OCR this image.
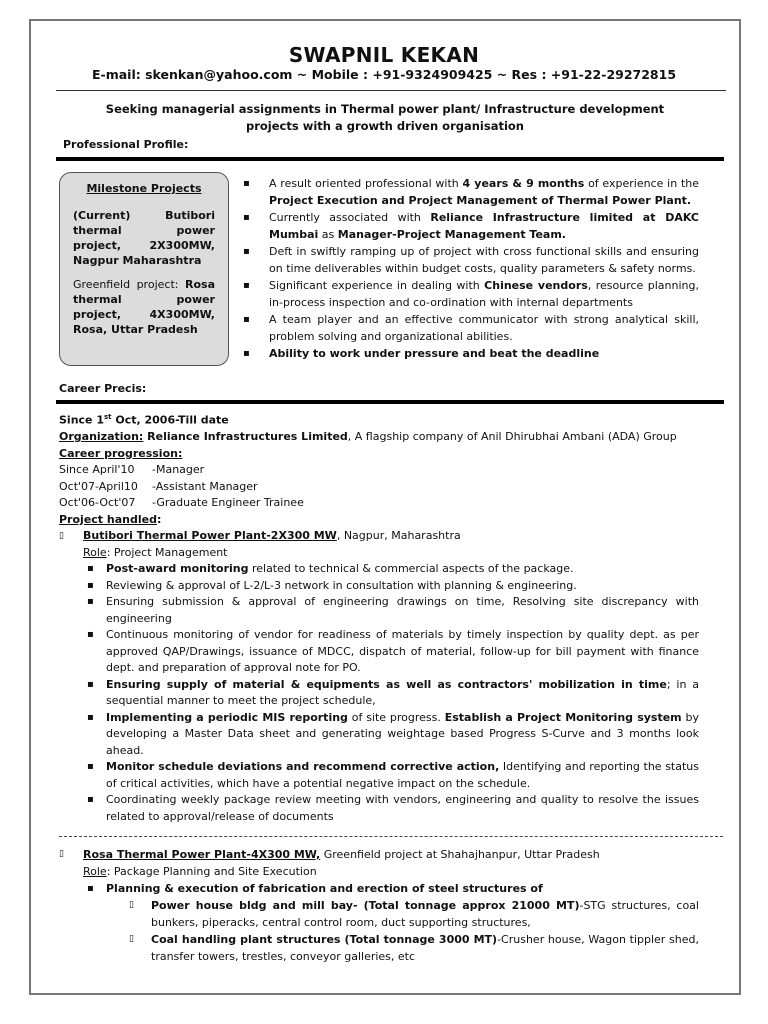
SWAPNIL KEKAN
E-mail: skenkan@yahoo.com ~ Mobile : +91-9324909425 ~ Res : +91-22-29272815
Seeking managerial assignments in Thermal power plant/ Infrastructure development projects with a growth driven organisation
Professional Profile:
Milestone Projects

(Current) Butibori thermal power project, 2X300MW, Nagpur Maharashtra

Greenfield project: Rosa thermal power project, 4X300MW, Rosa, Uttar Pradesh

▪ A result oriented professional with 4 years & 9 months of experience in the Project Execution and Project Management of Thermal Power Plant.
▪ Currently associated with Reliance Infrastructure limited at DAKC Mumbai as Manager-Project Management Team.
▪ Deft in swiftly ramping up of project with cross functional skills and ensuring on time deliverables within budget costs, quality parameters & safety norms.
▪ Significant experience in dealing with Chinese vendors, resource planning, in-process inspection and co-ordination with internal departments
▪ A team player and an effective communicator with strong analytical skill, problem solving and organizational abilities.
▪ Ability to work under pressure and beat the deadline
Career Precis:
Since 1st Oct, 2006-Till date
Organization: Reliance Infrastructures Limited, A flagship company of Anil Dhirubhai Ambani (ADA) Group
Career progression:
Since April'10 -Manager
Oct'07-April10 -Assistant Manager
Oct'06-Oct'07 -Graduate Engineer Trainee
Project handled:
▯ Butibori Thermal Power Plant-2X300 MW, Nagpur, Maharashtra
Role: Project Management
▪ Post-award monitoring related to technical & commercial aspects of the package.
▪ Reviewing & approval of L-2/L-3 network in consultation with planning & engineering.
▪ Ensuring submission & approval of engineering drawings on time, Resolving site discrepancy with engineering
▪ Continuous monitoring of vendor for readiness of materials by timely inspection by quality dept. as per approved QAP/Drawings, issuance of MDCC, dispatch of material, follow-up for bill payment with finance dept. and preparation of approval note for PO.
▪ Ensuring supply of material & equipments as well as contractors' mobilization in time; in a sequential manner to meet the project schedule,
▪ Implementing a periodic MIS reporting of site progress. Establish a Project Monitoring system by developing a Master Data sheet and generating weightage based Progress S-Curve and 3 months look ahead.
▪ Monitor schedule deviations and recommend corrective action, Identifying and reporting the status of critical activities, which have a potential negative impact on the schedule.
▪ Coordinating weekly package review meeting with vendors, engineering and quality to resolve the issues related to approval/release of documents
▯ Rosa Thermal Power Plant-4X300 MW, Greenfield project at Shahajhanpur, Uttar Pradesh
Role: Package Planning and Site Execution
▪ Planning & execution of fabrication and erection of steel structures of
▯ Power house bldg and mill bay- (Total tonnage approx 21000 MT)-STG structures, coal bunkers, piperacks, central control room, duct supporting structures,
▯ Coal handling plant structures (Total tonnage 3000 MT)-Crusher house, Wagon tippler shed, transfer towers, trestles, conveyor galleries, etc
